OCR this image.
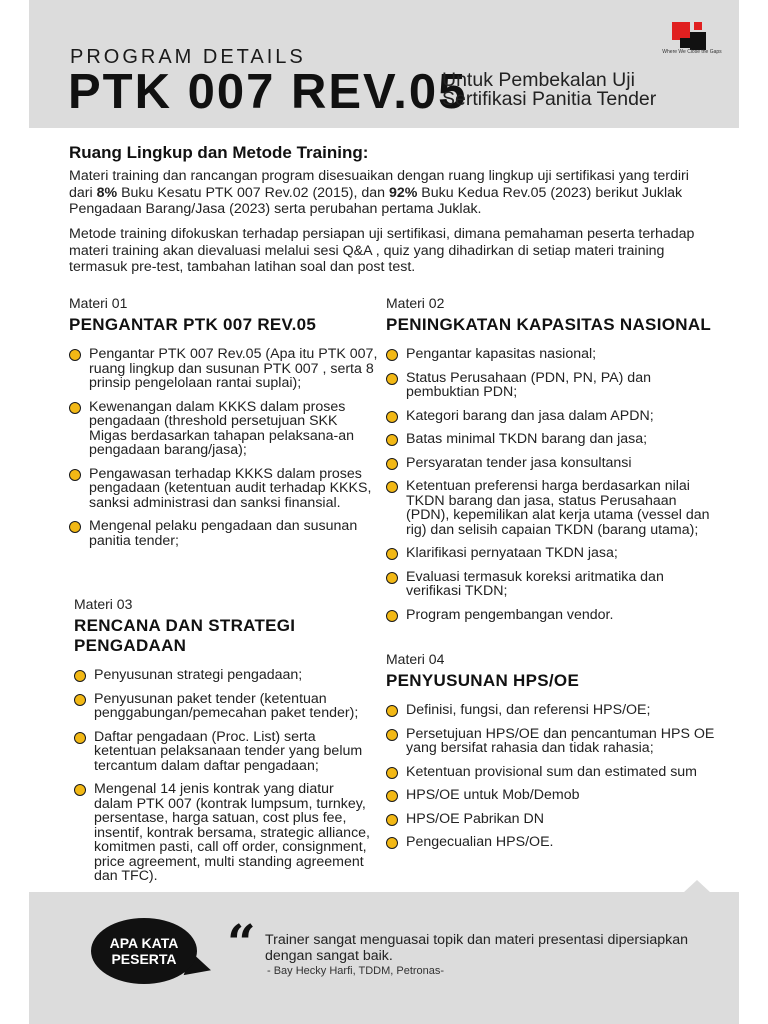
PROGRAM DETAILS
PTK 007 REV.05
Untuk Pembekalan Uji Sertifikasi Panitia Tender
Where We Close the Gaps
Ruang Lingkup dan Metode Training:
Materi training dan rancangan program disesuaikan dengan ruang lingkup uji sertifikasi yang terdiri dari 8% Buku Kesatu PTK 007 Rev.02 (2015), dan 92% Buku Kedua Rev.05 (2023) berikut Juklak Pengadaan Barang/Jasa (2023) serta perubahan pertama Juklak.
Metode training difokuskan terhadap persiapan uji sertifikasi, dimana pemahaman peserta terhadap materi training akan dievaluasi melalui sesi Q&A , quiz yang dihadirkan di setiap materi training termasuk pre-test, tambahan latihan soal dan post test.
Materi 01
PENGANTAR PTK 007 REV.05
Pengantar PTK 007 Rev.05 (Apa itu PTK 007, ruang lingkup dan susunan PTK 007 , serta 8 prinsip pengelolaan rantai suplai);
Kewenangan dalam KKKS dalam proses pengadaan (threshold persetujuan SKK Migas berdasarkan tahapan pelaksana-an pengadaan barang/jasa);
Pengawasan terhadap KKKS dalam proses pengadaan (ketentuan audit terhadap KKKS, sanksi administrasi dan sanksi finansial.
Mengenal pelaku pengadaan dan susunan panitia tender;
Materi 02
PENINGKATAN KAPASITAS NASIONAL
Pengantar kapasitas nasional;
Status Perusahaan (PDN, PN, PA) dan pembuktian PDN;
Kategori barang dan jasa dalam APDN;
Batas minimal TKDN barang dan jasa;
Persyaratan tender jasa konsultansi
Ketentuan preferensi harga berdasarkan nilai TKDN barang dan jasa, status Perusahaan (PDN), kepemilikan alat kerja utama (vessel dan rig) dan selisih capaian TKDN (barang utama);
Klarifikasi pernyataan TKDN jasa;
Evaluasi termasuk koreksi aritmatika dan verifikasi TKDN;
Program pengembangan vendor.
Materi 03
RENCANA DAN STRATEGI PENGADAAN
Penyusunan strategi pengadaan;
Penyusunan paket tender (ketentuan penggabungan/pemecahan paket tender);
Daftar pengadaan (Proc. List) serta ketentuan pelaksanaan tender yang belum tercantum dalam daftar pengadaan;
Mengenal 14 jenis kontrak yang diatur dalam PTK 007 (kontrak lumpsum, turnkey, persentase, harga satuan, cost plus fee, insentif, kontrak bersama, strategic alliance, komitmen pasti, call off order, consignment, price agreement, multi standing agreement dan TFC).
Materi 04
PENYUSUNAN HPS/OE
Definisi, fungsi, dan referensi HPS/OE;
Persetujuan HPS/OE dan pencantuman HPS OE yang bersifat rahasia dan tidak rahasia;
Ketentuan provisional sum dan estimated sum
HPS/OE untuk Mob/Demob
HPS/OE Pabrikan DN
Pengecualian HPS/OE.
APA KATA
PESERTA	“ Trainer sangat menguasai topik dan materi presentasi dipersiapkan dengan sangat baik.
- Bay Hecky Harfi, TDDM, Petronas-
